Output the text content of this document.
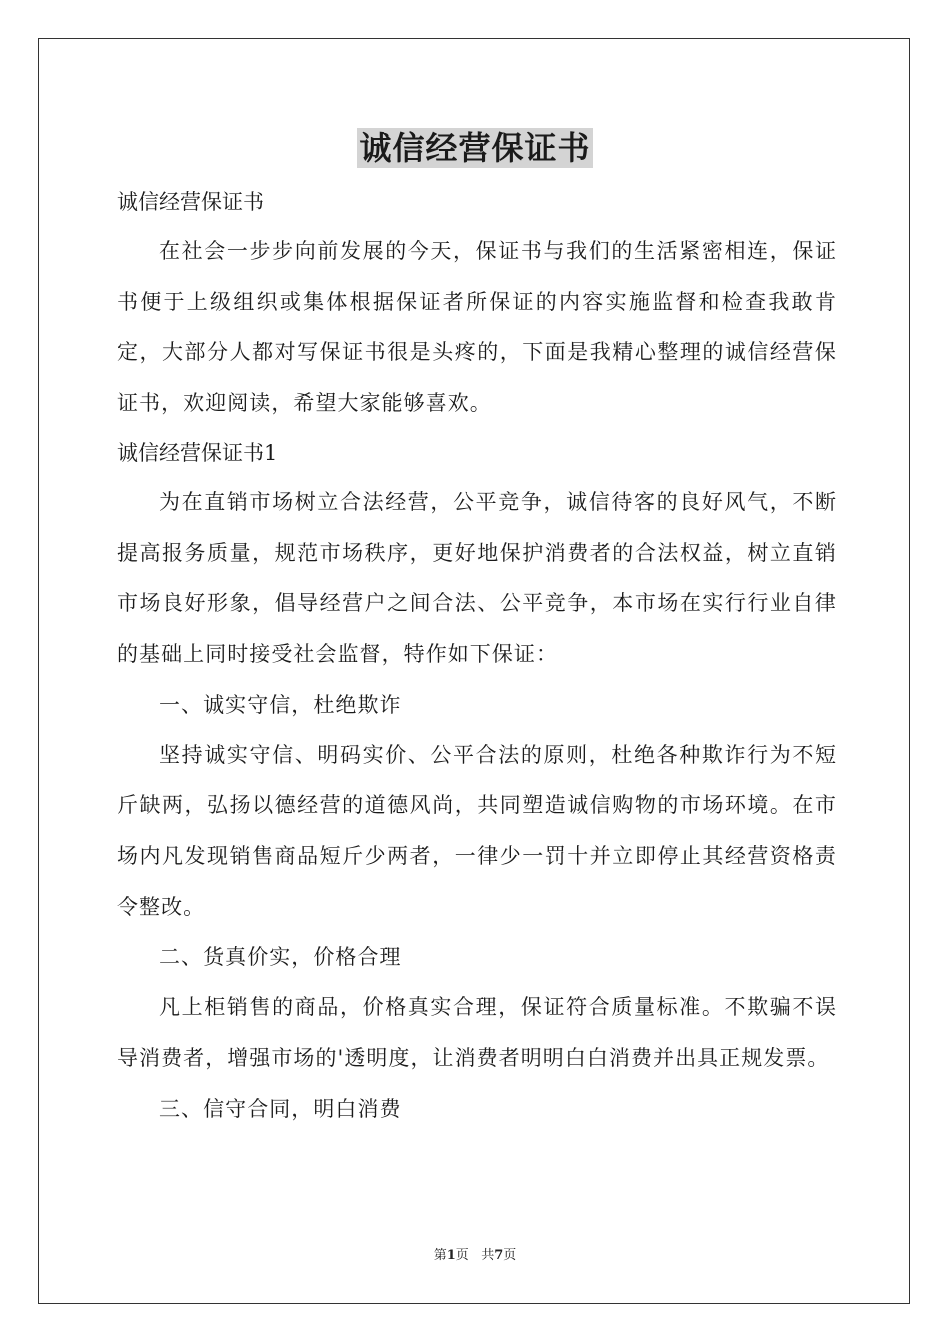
诚信经营保证书

诚信经营保证书

在社会一步步向前发展的今天，保证书与我们的生活紧密相连，保证书便于上级组织或集体根据保证者所保证的内容实施监督和检查我敢肯定，大部分人都对写保证书很是头疼的，下面是我精心整理的诚信经营保证书，欢迎阅读，希望大家能够喜欢。

诚信经营保证书1

为在直销市场树立合法经营，公平竞争，诚信待客的良好风气，不断提高报务质量，规范市场秩序，更好地保护消费者的合法权益，树立直销市场良好形象，倡导经营户之间合法、公平竞争，本市场在实行行业自律的基础上同时接受社会监督，特作如下保证：

一、诚实守信，杜绝欺诈

坚持诚实守信、明码实价、公平合法的原则，杜绝各种欺诈行为不短斤缺两，弘扬以德经营的道德风尚，共同塑造诚信购物的市场环境。在市场内凡发现销售商品短斤少两者，一律少一罚十并立即停止其经营资格责令整改。

二、货真价实，价格合理

凡上柜销售的商品，价格真实合理，保证符合质量标准。不欺骗不误导消费者，增强市场的'透明度，让消费者明明白白消费并出具正规发票。

三、信守合同，明白消费

第1页 共7页
